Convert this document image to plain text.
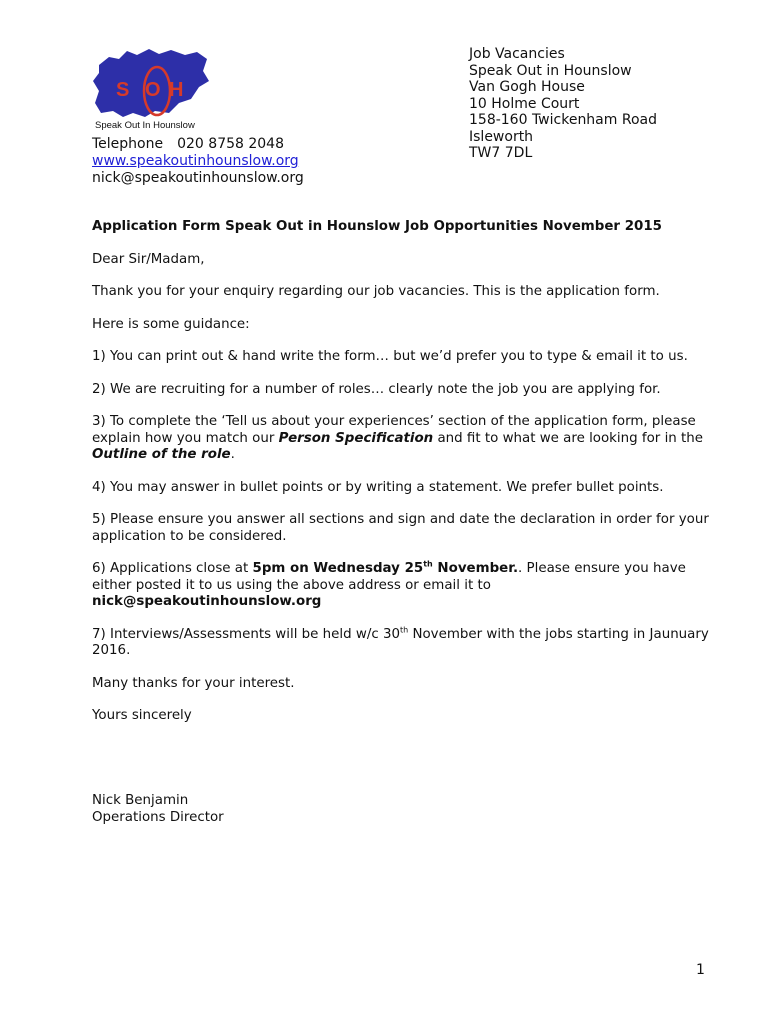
S O H
Speak Out In Hounslow
Telephone 020 8758 2048
www.speakoutinhounslow.org
nick@speakoutinhounslow.org
Job Vacancies
Speak Out in Hounslow
Van Gogh House
10 Holme Court
158-160 Twickenham Road
Isleworth
TW7 7DL

Application Form Speak Out in Hounslow Job Opportunities November 2015

Dear Sir/Madam,

Thank you for your enquiry regarding our job vacancies. This is the application form.

Here is some guidance:

1) You can print out & hand write the form… but we’d prefer you to type & email it to us.

2) We are recruiting for a number of roles… clearly note the job you are applying for.

3) To complete the ‘Tell us about your experiences’ section of the application form, please explain how you match our Person Specification and fit to what we are looking for in the Outline of the role.

4) You may answer in bullet points or by writing a statement. We prefer bullet points.

5) Please ensure you answer all sections and sign and date the declaration in order for your application to be considered.

6) Applications close at 5pm on Wednesday 25th November.. Please ensure you have either posted it to us using the above address or email it to
nick@speakoutinhounslow.org

7) Interviews/Assessments will be held w/c 30th November with the jobs starting in Jaunuary 2016.

Many thanks for your interest.

Yours sincerely

Nick Benjamin
Operations Director
1
